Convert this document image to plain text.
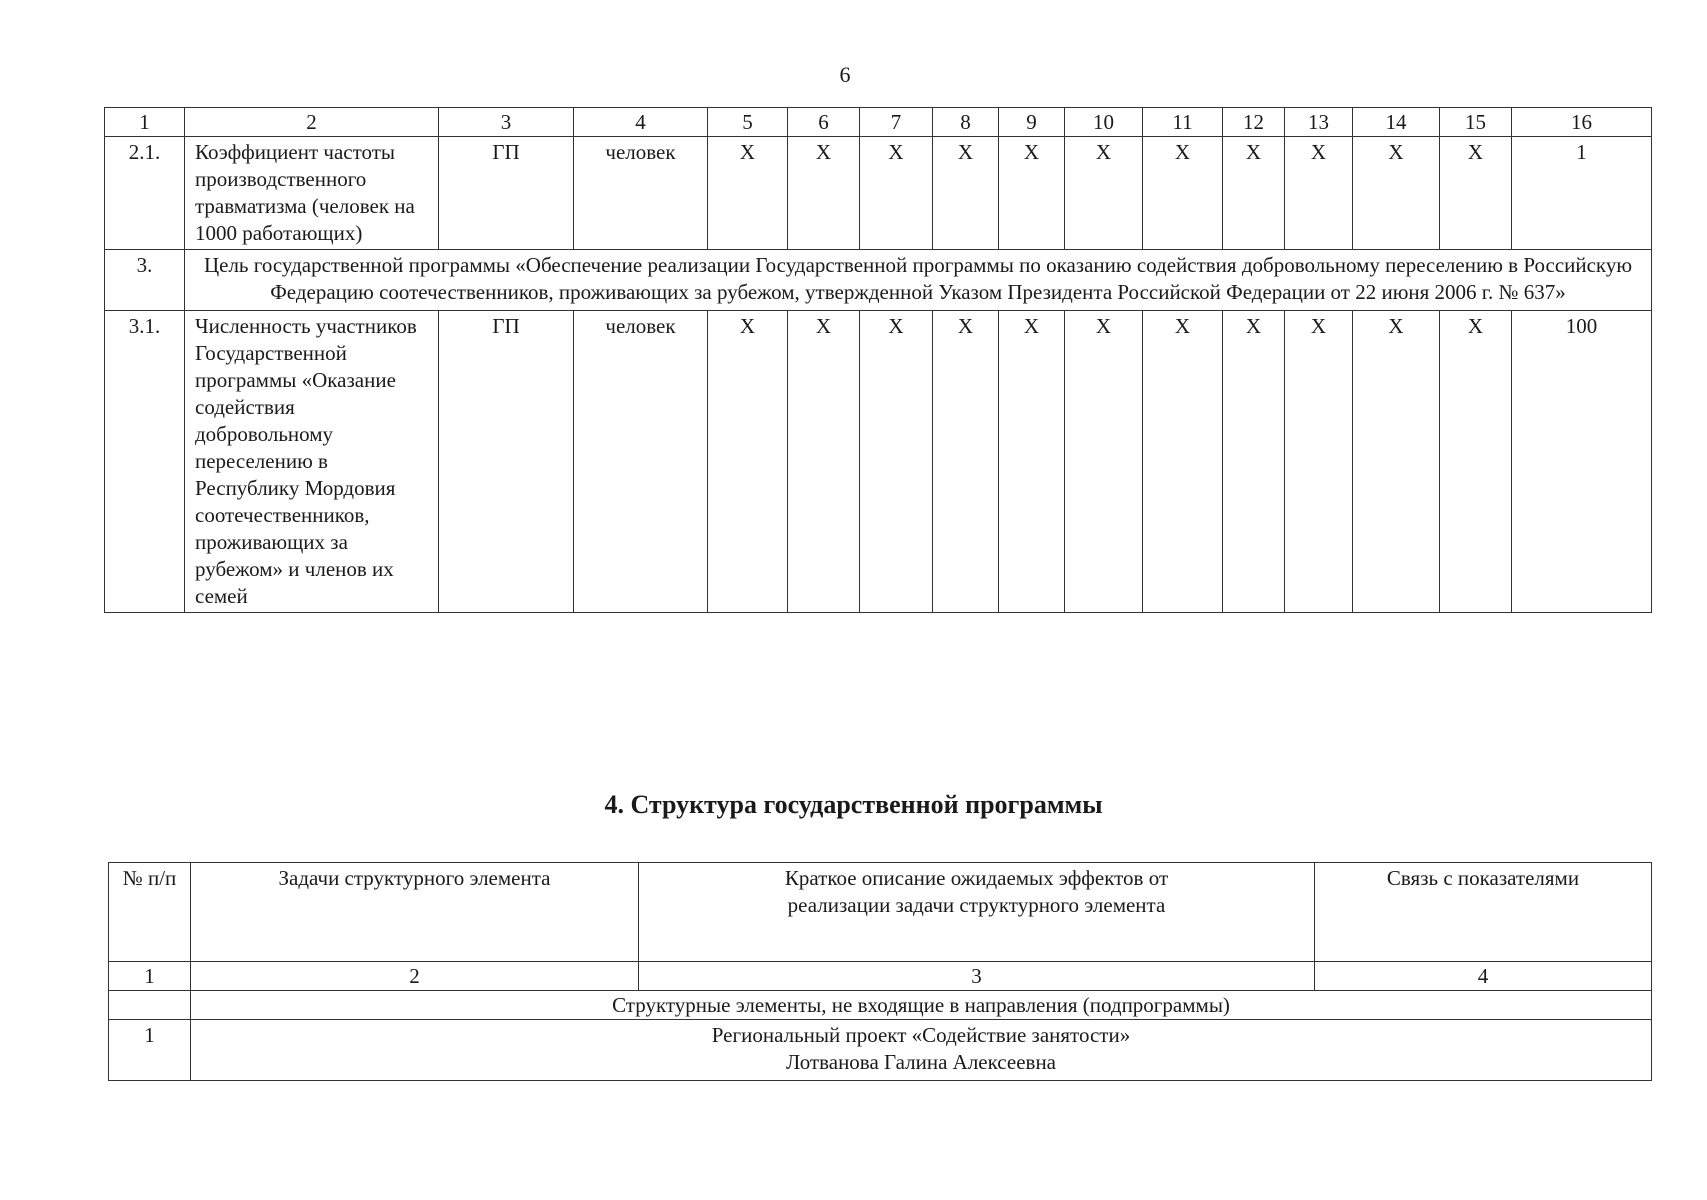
6
1	2	3	4	5	6	7	8	9	10	11	12	13	14	15	16
2.1.	Коэффициент частоты производственного травматизма (человек на 1000 работающих)	ГП	человек	X	X	X	X	X	X	X	X	X	X	X	1
3.	Цель государственной программы «Обеспечение реализации Государственной программы по оказанию содействия добровольному переселению в Российскую Федерацию соотечественников, проживающих за рубежом, утвержденной Указом Президента Российской Федерации от 22 июня 2006 г. № 637»														
3.1.	Численность участников Государственной программы «Оказание содействия добровольному переселению в Республику Мордовия соотечественников, проживающих за рубежом» и членов их семей	ГП	человек	X	X	X	X	X	X	X	X	X	X	X	100
4. Структура государственной программы
№ п/п	Задачи структурного элемента	Краткое описание ожидаемых эффектов от реализации задачи структурного элемента	Связь с показателями
1	2	3	4
	Структурные элементы, не входящие в направления (подпрограммы)		
1	Региональный проект «Содействие занятости»
Лотванова Галина Алексеевна		
